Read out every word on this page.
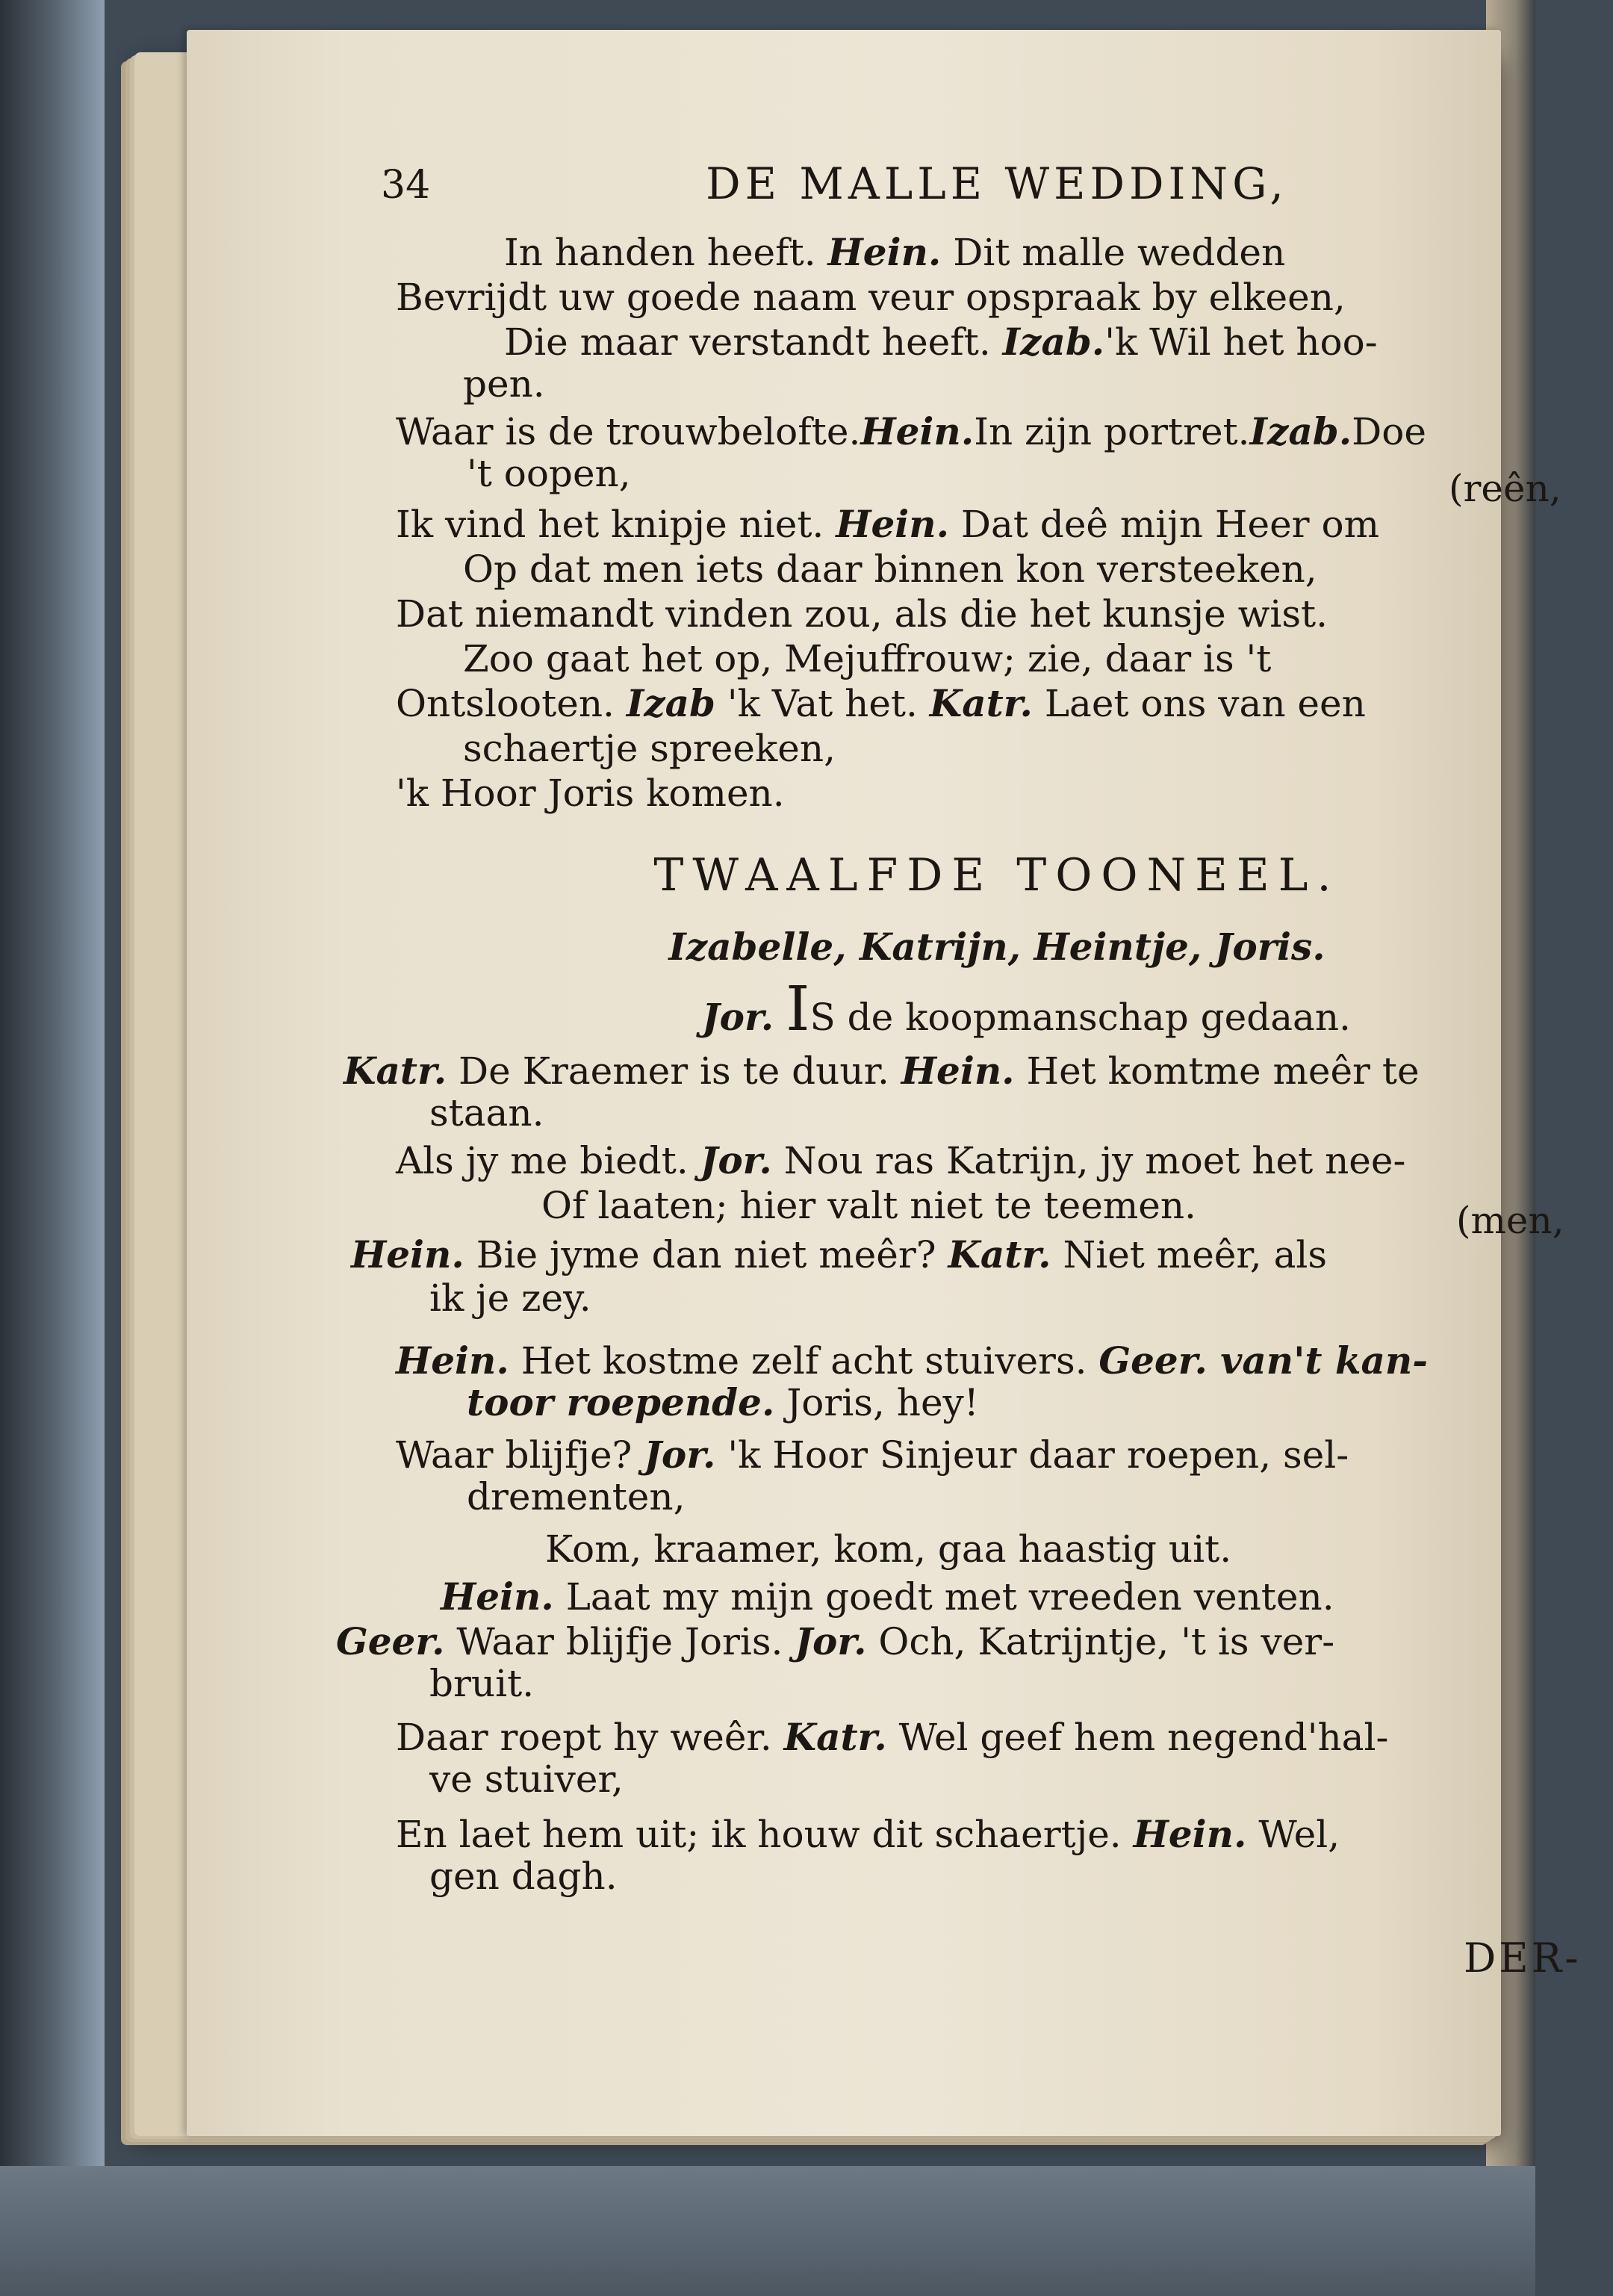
34	DE MALLE WEDDING,
In handen heeft. Hein. Dit malle wedden
Bevrijdt uw goede naam veur opspraak by elkeen,
Die maar verstandt heeft. Izab.'k Wil het hoo-
pen.
Waar is de trouwbelofte.Hein.In zijn portret.Izab.Doe
't oopen,	(reên,
Ik vind het knipje niet. Hein. Dat deê mijn Heer om
Op dat men iets daar binnen kon versteeken,
Dat niemandt vinden zou, als die het kunsje wist.
Zoo gaat het op, Mejuffrouw; zie, daar is 't
Ontslooten. Izab 'k Vat het. Katr. Laet ons van een
schaertje spreeken,
'k Hoor Joris komen.
TWAALFDE TOONEEL.
Izabelle, Katrijn, Heintje, Joris.
Jor. IS de koopmanschap gedaan.
Katr. De Kraemer is te duur. Hein. Het komtme meêr te
staan.
Als jy me biedt. Jor. Nou ras Katrijn, jy moet het nee-
Of laaten; hier valt niet te teemen.	(men,
Hein. Bie jyme dan niet meêr? Katr. Niet meêr, als
ik je zey.
Hein. Het kostme zelf acht stuivers. Geer. van't kan-
toor roepende. Joris, hey!
Waar blijfje? Jor. 'k Hoor Sinjeur daar roepen, sel-
drementen,
Kom, kraamer, kom, gaa haastig uit.
Hein. Laat my mijn goedt met vreeden venten.
Geer. Waar blijfje Joris. Jor. Och, Katrijntje, 't is ver-
bruit.
Daar roept hy weêr. Katr. Wel geef hem negend'hal-
ve stuiver,
En laet hem uit; ik houw dit schaertje. Hein. Wel,
gen dagh.
DER-
